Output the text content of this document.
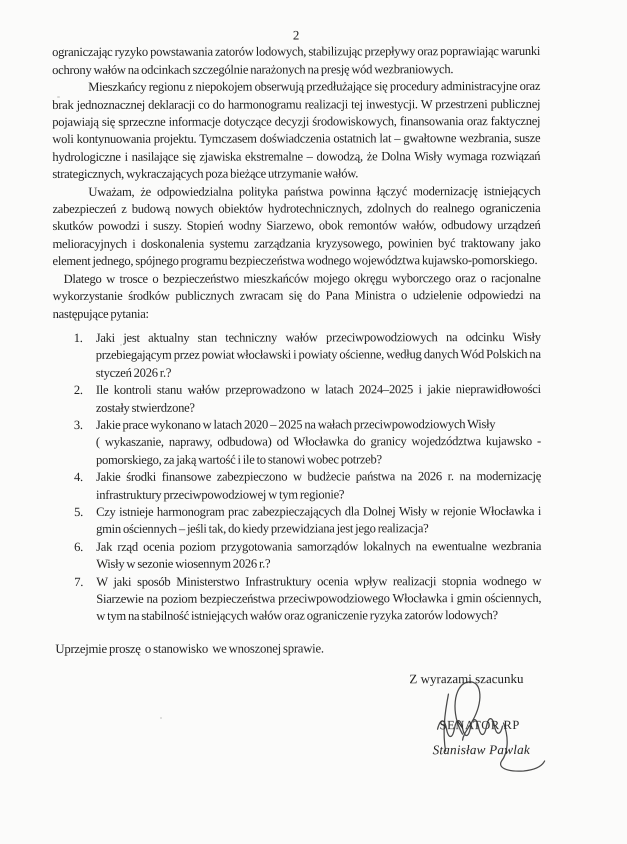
2

ograniczając ryzyko powstawania zatorów lodowych, stabilizując przepływy oraz poprawiając warunki ochrony wałów na odcinkach szczególnie narażonych na presję wód wezbraniowych.

Mieszkańcy regionu z niepokojem obserwują przedłużające się procedury administracyjne oraz brak jednoznacznej deklaracji co do harmonogramu realizacji tej inwestycji. W przestrzeni publicznej pojawiają się sprzeczne informacje dotyczące decyzji środowiskowych, finansowania oraz faktycznej woli kontynuowania projektu. Tymczasem doświadczenia ostatnich lat – gwałtowne wezbrania, susze hydrologiczne i nasilające się zjawiska ekstremalne – dowodzą, że Dolna Wisły wymaga rozwiązań strategicznych, wykraczających poza bieżące utrzymanie wałów.

Uważam, że odpowiedzialna polityka państwa powinna łączyć modernizację istniejących zabezpieczeń z budową nowych obiektów hydrotechnicznych, zdolnych do realnego ograniczenia skutków powodzi i suszy. Stopień wodny Siarzewo, obok remontów wałów, odbudowy urządzeń melioracyjnych i doskonalenia systemu zarządzania kryzysowego, powinien być traktowany jako element jednego, spójnego programu bezpieczeństwa wodnego województwa kujawsko-pomorskiego.

Dlatego w trosce o bezpieczeństwo mieszkańców mojego okręgu wyborczego oraz o racjonalne wykorzystanie środków publicznych zwracam się do Pana Ministra o udzielenie odpowiedzi na następujące pytania:

1.	Jaki jest aktualny stan techniczny wałów przeciwpowodziowych na odcinku Wisły przebiegającym przez powiat włocławski i powiaty ościenne, według danych Wód Polskich na styczeń 2026 r.?
2.	Ile kontroli stanu wałów przeprowadzono w latach 2024–2025 i jakie nieprawidłowości zostały stwierdzone?
3.	Jakie prace wykonano w latach 2020 – 2025 na wałach przeciwpowodziowych Wisły
( wykaszanie, naprawy, odbudowa) od Włocławka do granicy wojedzództwa kujawsko - pomorskiego, za jaką wartość i ile to stanowi wobec potrzeb?
4.	Jakie środki finansowe zabezpieczono w budżecie państwa na 2026 r. na modernizację infrastruktury przeciwpowodziowej w tym regionie?
5.	Czy istnieje harmonogram prac zabezpieczających dla Dolnej Wisły w rejonie Włocławka i gmin ościennych – jeśli tak, do kiedy przewidziana jest jego realizacja?
6.	Jak rząd ocenia poziom przygotowania samorządów lokalnych na ewentualne wezbrania Wisły w sezonie wiosennym 2026 r.?
7.	W jaki sposób Ministerstwo Infrastruktury ocenia wpływ realizacji stopnia wodnego w Siarzewie na poziom bezpieczeństwa przeciwpowodziowego Włocławka i gmin ościennych, w tym na stabilność istniejących wałów oraz ograniczenie ryzyka zatorów lodowych?

Uprzejmie proszę  o stanowisko  we wnoszonej sprawie.

Z wyrazami szacunku
SENATOR RP
Stanisław Pawlak
